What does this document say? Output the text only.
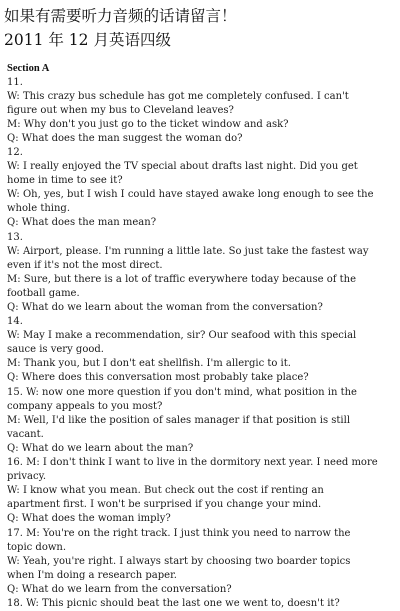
如果有需要听力音频的话请留言！
2011 年 12 月英语四级
Section A
11.
W: This crazy bus schedule has got me completely confused. I can't
figure out when my bus to Cleveland leaves?
M: Why don't you just go to the ticket window and ask?
Q: What does the man suggest the woman do?
12.
W: I really enjoyed the TV special about drafts last night. Did you get
home in time to see it?
W: Oh, yes, but I wish I could have stayed awake long enough to see the
whole thing.
Q: What does the man mean?
13.
W: Airport, please. I'm running a little late. So just take the fastest way
even if it's not the most direct.
M: Sure, but there is a lot of traffic everywhere today because of the
football game.
Q: What do we learn about the woman from the conversation?
14.
W: May I make a recommendation, sir? Our seafood with this special
sauce is very good.
M: Thank you, but I don't eat shellfish. I'm allergic to it.
Q: Where does this conversation most probably take place?
15. W: now one more question if you don't mind, what position in the
company appeals to you most?
M: Well, I'd like the position of sales manager if that position is still
vacant.
Q: What do we learn about the man?
16. M: I don't think I want to live in the dormitory next year. I need more
privacy.
W: I know what you mean. But check out the cost if renting an
apartment first. I won't be surprised if you change your mind.
Q: What does the woman imply?
17. M: You're on the right track. I just think you need to narrow the
topic down.
W: Yeah, you're right. I always start by choosing two boarder topics
when I'm doing a research paper.
Q: What do we learn from the conversation?
18. W: This picnic should beat the last one we went to, doesn't it?
